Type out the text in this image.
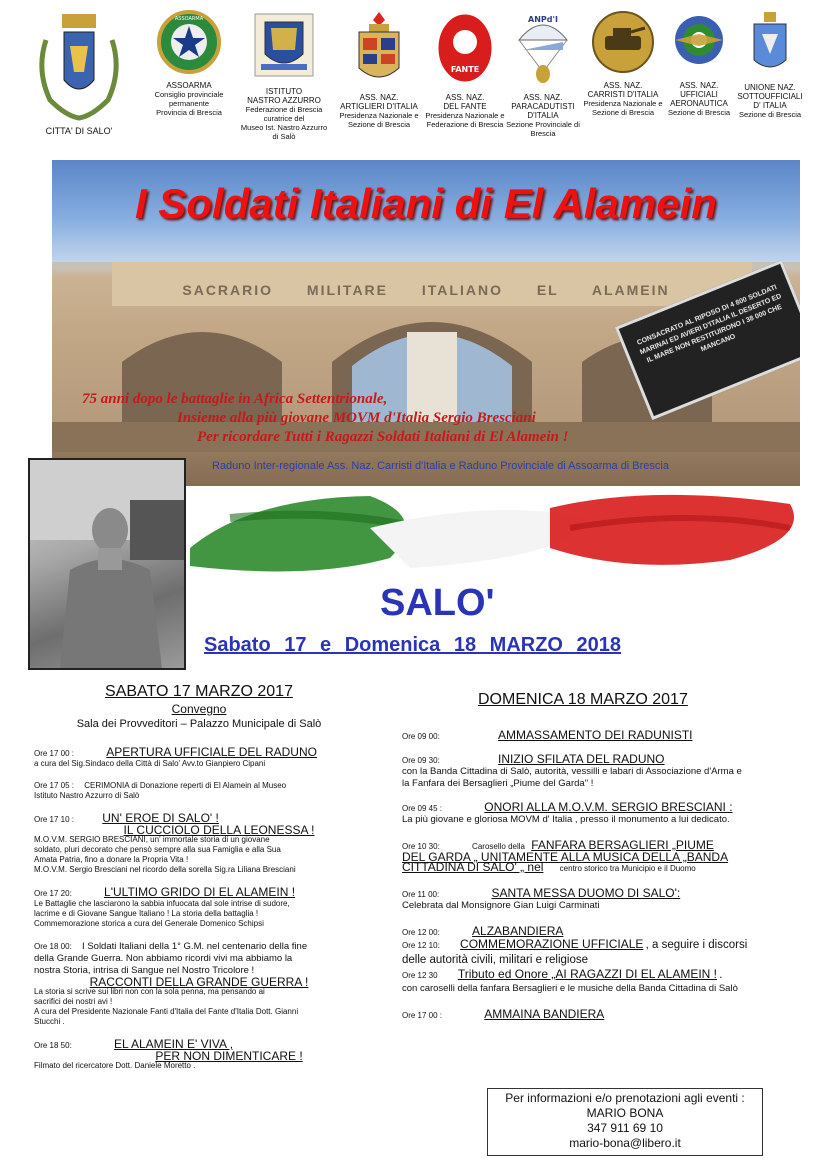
CITTA' DI SALO'
ASSOARMA
ASSOARMA
Consiglio provinciale permanente
Provincia di Brescia
ISTITUTO
NASTRO AZZURRO
Federazione di Brescia
curatrice del
Museo Ist. Nastro Azzurro di Salò
ASS. NAZ.
ARTIGLIERI D'ITALIA
Presidenza Nazionale e
Sezione di Brescia
FANTE
ASS. NAZ.
DEL FANTE
Presidenza Nazionale e
Federazione di Brescia
ANPd'I
ASS. NAZ.
PARACADUTISTI
D'ITALIA
Sezione Provinciale di
Brescia
ASS. NAZ.
CARRISTI D'ITALIA
Presidenza Nazionale e
Sezione di Brescia
ASS. NAZ.
UFFICIALI
AERONAUTICA
Sezione di Brescia
UNIONE NAZ.
SOTTOUFFICIALI
D' ITALIA
Sezione di Brescia
I Soldati Italiani di El Alamein
SACRARIO MILITARE ITALIANO EL ALAMEIN
CONSACRATO AL RIPOSO DI 4 800 SOLDATI MARINAI ED AVIERI D'ITALIA IL DESERTO ED IL MARE NON RESTITUIRONO I 38 000 CHE MANCANO
75 anni dopo le battaglie in Africa Settentrionale,
Insieme alla più giovane MOVM d'Italia Sergio Bresciani
Per ricordare Tutti i Ragazzi Soldati Italiani di El Alamein !
Raduno Inter-regionale Ass. Naz. Carristi d'Italia e Raduno Provinciale di Assoarma di Brescia
SALO'
Sabato 17 e Domenica 18 MARZO 2018
SABATO 17 MARZO 2017
Convegno
Sala dei Provveditori – Palazzo Municipale di Salò
Ore 17 00 :	APERTURA UFFICIALE DEL RADUNO
a cura del Sig.Sindaco della Città di Salo' Avv.to Gianpiero Cipani
Ore 17 05 : CERIMONIA di Donazione reperti di El Alamein al Museo
Istituto Nastro Azzurro di Salò
Ore 17 10 : UN' EROE DI SALO' !
IL CUCCIOLO DELLA LEONESSA !
M.O.V.M. SERGIO BRESCIANI, un' immortale storia di un giovane
soldato, pluri decorato che pensò sempre alla sua Famiglia e alla Sua
Amata Patria, fino a donare la Propria Vita !
M.O.V.M. Sergio Bresciani nel ricordo della sorella Sig.ra Liliana Bresciani
Ore 17 20:	L'ULTIMO GRIDO DI EL ALAMEIN !
Le Battaglie che lasciarono la sabbia infuocata dal sole intrise di sudore,
lacrime e di Giovane Sangue Italiano ! La storia della battaglia !
Commemorazione storica a cura del Generale Domenico Schipsi
Ore 18 00: I Soldati Italiani della 1° G.M. nel centenario della fine
della Grande Guerra. Non abbiamo ricordi vivi ma abbiamo la
nostra Storia, intrisa di Sangue nel Nostro Tricolore !
RACCONTI DELLA GRANDE GUERRA !
La storia si scrive sui libri non con la sola penna, ma pensando ai
sacrifici dei nostri avi !
A cura del Presidente Nazionale Fanti d'Italia del Fante d'Italia Dott. Gianni
Stucchi .
Ore 18 50:	EL ALAMEIN E' VIVA ,
PER NON DIMENTICARE !
Filmato del ricercatore Dott. Daniele Moretto .
DOMENICA 18 MARZO 2017
Ore 09 00:	AMMASSAMENTO DEI RADUNISTI
Ore 09 30:	INIZIO SFILATA DEL RADUNO
con la Banda Cittadina di Salò, autorità, vessilli e labari di Associazione d'Arma e
la Fanfara dei Bersaglieri „Piume del Garda" !
Ore 09 45 :	ONORI ALLA M.O.V.M. SERGIO BRESCIANI :
La più giovane e gloriosa MOVM d' Italia , presso il monumento a lui dedicato.
Ore 10 30:	Carosello della FANFARA BERSAGLIERI „PIUME
DEL GARDA „ UNITAMENTE ALLA MUSICA DELLA „BANDA
CITTADINA DI SALO' „ nel centro storico tra Municipio e il Duomo
Ore 11 00:	SANTA MESSA DUOMO DI SALO':
Celebrata dal Monsignore Gian Luigi Carminati
Ore 12 00:	ALZABANDIERA
Ore 12 10: COMMEMORAZIONE UFFICIALE , a seguire i discorsi
delle autorità civili, militari e religiose
Ore 12 30 Tributo ed Onore „AI RAGAZZI DI EL ALAMEIN ! .
con caroselli della fanfara Bersaglieri e le musiche della Banda Cittadina di Salò
Ore 17 00 :	AMMAINA BANDIERA
Per informazioni e/o prenotazioni agli eventi :
MARIO BONA
347 911 69 10
mario-bona@libero.it
